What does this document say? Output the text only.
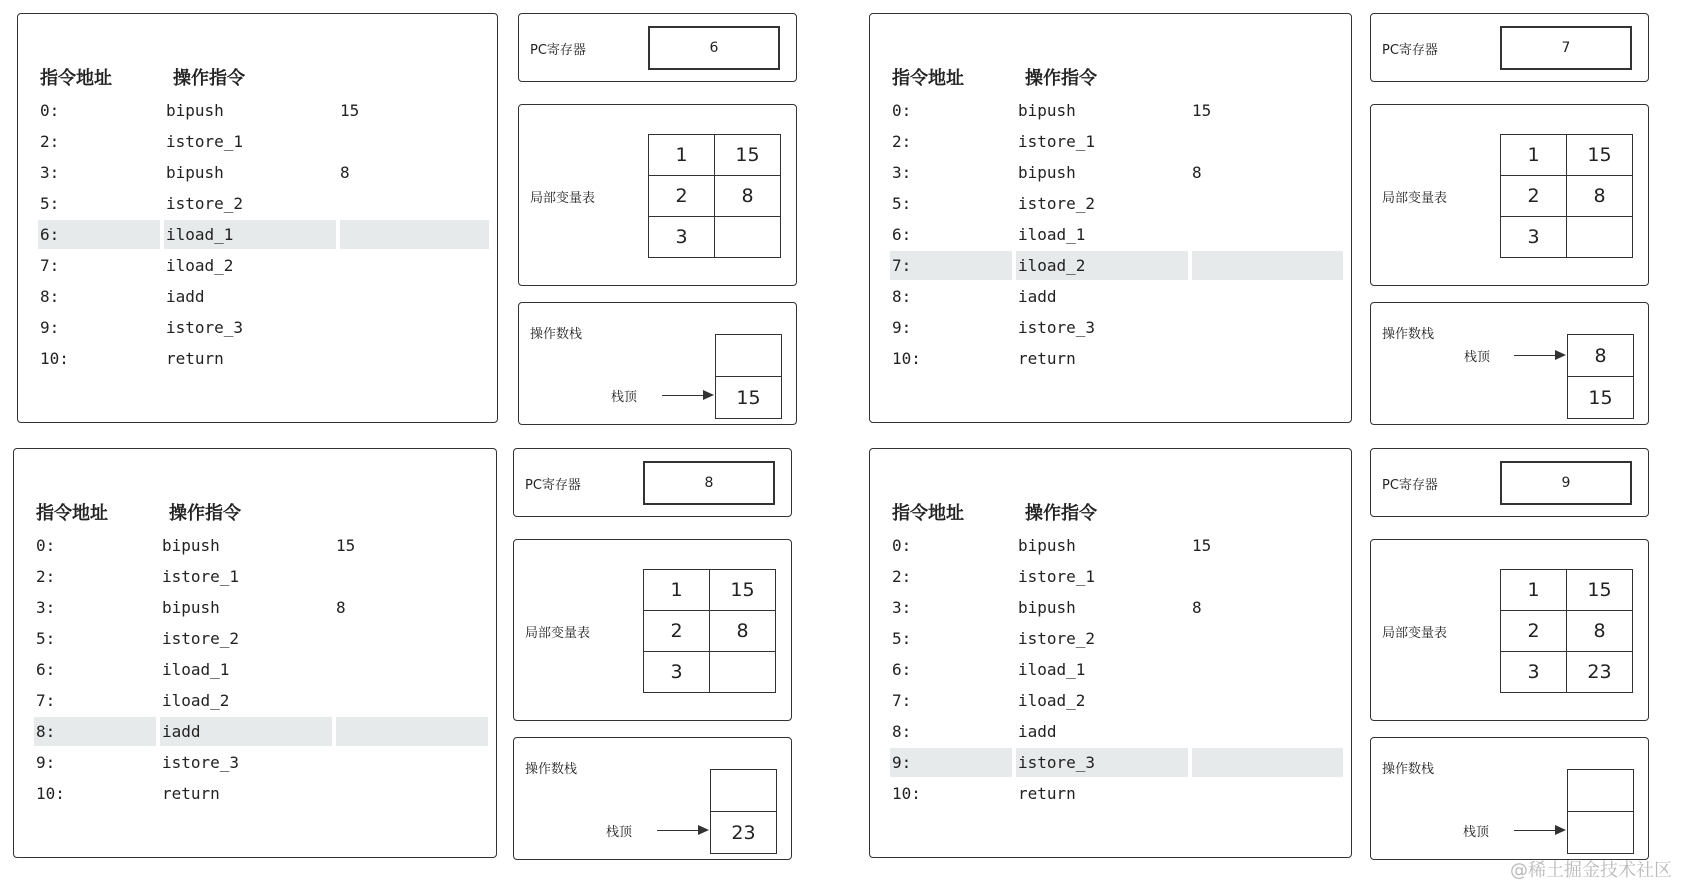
指令地址	操作指令
0:	bipush	15
2:	istore_1
3:	bipush	8
5:	istore_2
6:	iload_1
7:	iload_2
8:	iadd
9:	istore_3
10:	return
PC寄存器	6
局部变量表
1	15
2	8
3
操作数栈
15
栈顶
指令地址	操作指令
0:	bipush	15
2:	istore_1
3:	bipush	8
5:	istore_2
6:	iload_1
7:	iload_2
8:	iadd
9:	istore_3
10:	return
PC寄存器	7
局部变量表
1	15
2	8
3
操作数栈
8
15
栈顶
指令地址	操作指令
0:	bipush	15
2:	istore_1
3:	bipush	8
5:	istore_2
6:	iload_1
7:	iload_2
8:	iadd
9:	istore_3
10:	return
PC寄存器	8
局部变量表
1	15
2	8
3
操作数栈
23
栈顶
指令地址	操作指令
0:	bipush	15
2:	istore_1
3:	bipush	8
5:	istore_2
6:	iload_1
7:	iload_2
8:	iadd
9:	istore_3
10:	return
PC寄存器	9
局部变量表
1	15
2	8
3	23
操作数栈
栈顶
@稀土掘金技术社区
